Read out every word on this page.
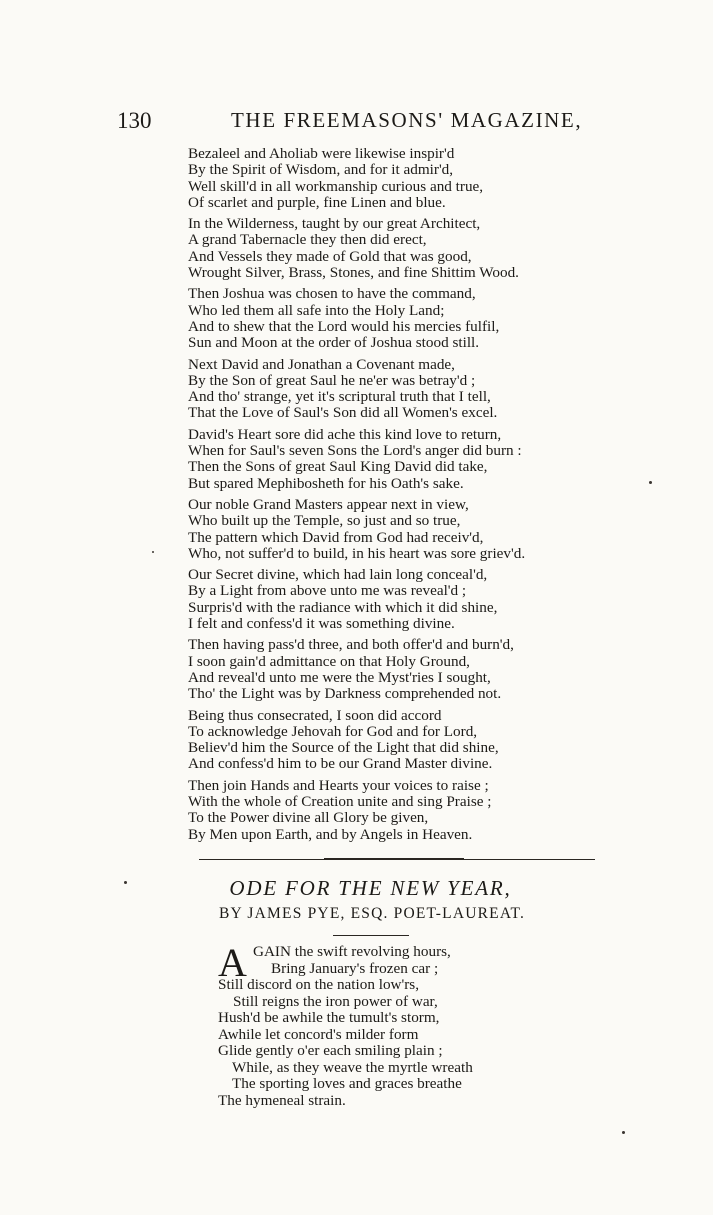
130	THE FREEMASONS' MAGAZINE,
Bezaleel and Aholiab were likewise inspir'd
By the Spirit of Wisdom, and for it admir'd,
Well skill'd in all workmanship curious and true,
Of scarlet and purple, fine Linen and blue.
In the Wilderness, taught by our great Architect,
A grand Tabernacle they then did erect,
And Vessels they made of Gold that was good,
Wrought Silver, Brass, Stones, and fine Shittim Wood.
Then Joshua was chosen to have the command,
Who led them all safe into the Holy Land;
And to shew that the Lord would his mercies fulfil,
Sun and Moon at the order of Joshua stood still.
Next David and Jonathan a Covenant made,
By the Son of great Saul he ne'er was betray'd ;
And tho' strange, yet it's scriptural truth that I tell,
That the Love of Saul's Son did all Women's excel.
David's Heart sore did ache this kind love to return,
When for Saul's seven Sons the Lord's anger did burn :
Then the Sons of great Saul King David did take,
But spared Mephibosheth for his Oath's sake.
Our noble Grand Masters appear next in view,
Who built up the Temple, so just and so true,
The pattern which David from God had receiv'd,
Who, not suffer'd to build, in his heart was sore griev'd.
Our Secret divine, which had lain long conceal'd,
By a Light from above unto me was reveal'd ;
Surpris'd with the radiance with which it did shine,
I felt and confess'd it was something divine.
Then having pass'd three, and both offer'd and burn'd,
I soon gain'd admittance on that Holy Ground,
And reveal'd unto me were the Myst'ries I sought,
Tho' the Light was by Darkness comprehended not.
Being thus consecrated, I soon did accord
To acknowledge Jehovah for God and for Lord,
Believ'd him the Source of the Light that did shine,
And confess'd him to be our Grand Master divine.
Then join Hands and Hearts your voices to raise ;
With the whole of Creation unite and sing Praise ;
To the Power divine all Glory be given,
By Men upon Earth, and by Angels in Heaven.
ODE FOR THE NEW YEAR,
BY JAMES PYE, ESQ. POET-LAUREAT.
A GAIN the swift revolving hours,
Bring January's frozen car ;
Still discord on the nation low'rs,
Still reigns the iron power of war,
Hush'd be awhile the tumult's storm,
Awhile let concord's milder form
Glide gently o'er each smiling plain ;
While, as they weave the myrtle wreath
The sporting loves and graces breathe
The hymeneal strain.
